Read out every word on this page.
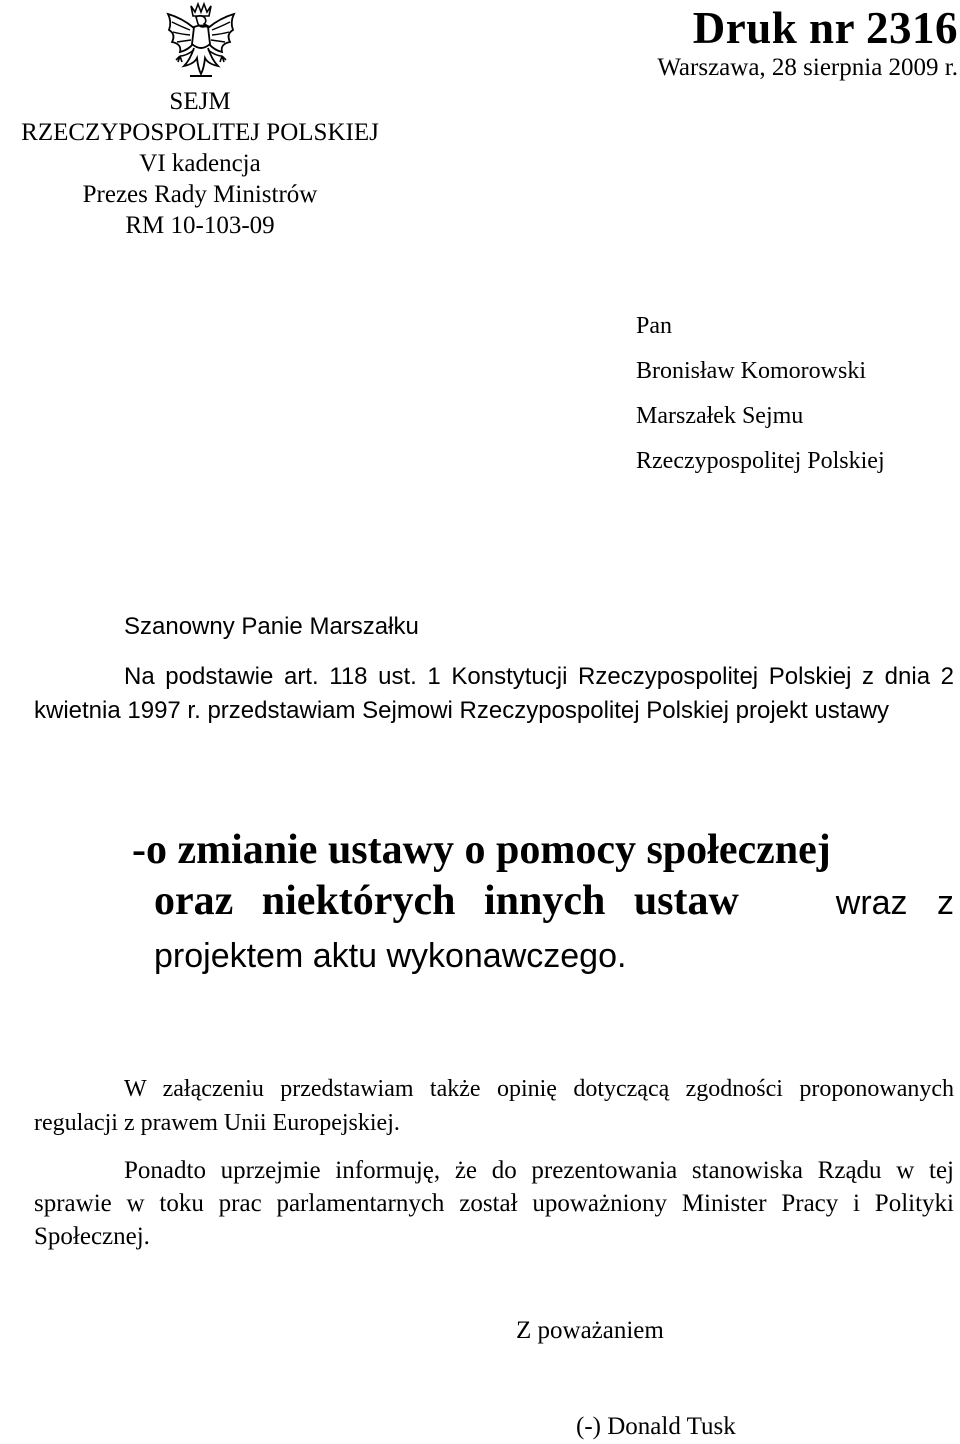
SEJM
RZECZYPOSPOLITEJ POLSKIEJ
VI kadencja
Prezes Rady Ministrów
RM 10-103-09
Druk nr 2316
Warszawa, 28 sierpnia 2009 r.
Pan
Bronisław Komorowski
Marszałek Sejmu
Rzeczypospolitej Polskiej
Szanowny Panie Marszałku
Na podstawie art. 118 ust. 1 Konstytucji Rzeczypospolitej Polskiej z dnia 2 kwietnia 1997 r. przedstawiam Sejmowi Rzeczypospolitej Polskiej projekt ustawy
-o zmianie ustawy o pomocy społecznej
oraz niektórych innych ustaw	wraz z
projektem aktu wykonawczego.
W załączeniu przedstawiam także opinię dotyczącą zgodności proponowanych regulacji z prawem Unii Europejskiej.
Ponadto uprzejmie informuję, że do prezentowania stanowiska Rządu w tej sprawie w toku prac parlamentarnych został upoważniony Minister Pracy i Polityki Społecznej.
Z poważaniem
(-) Donald Tusk
